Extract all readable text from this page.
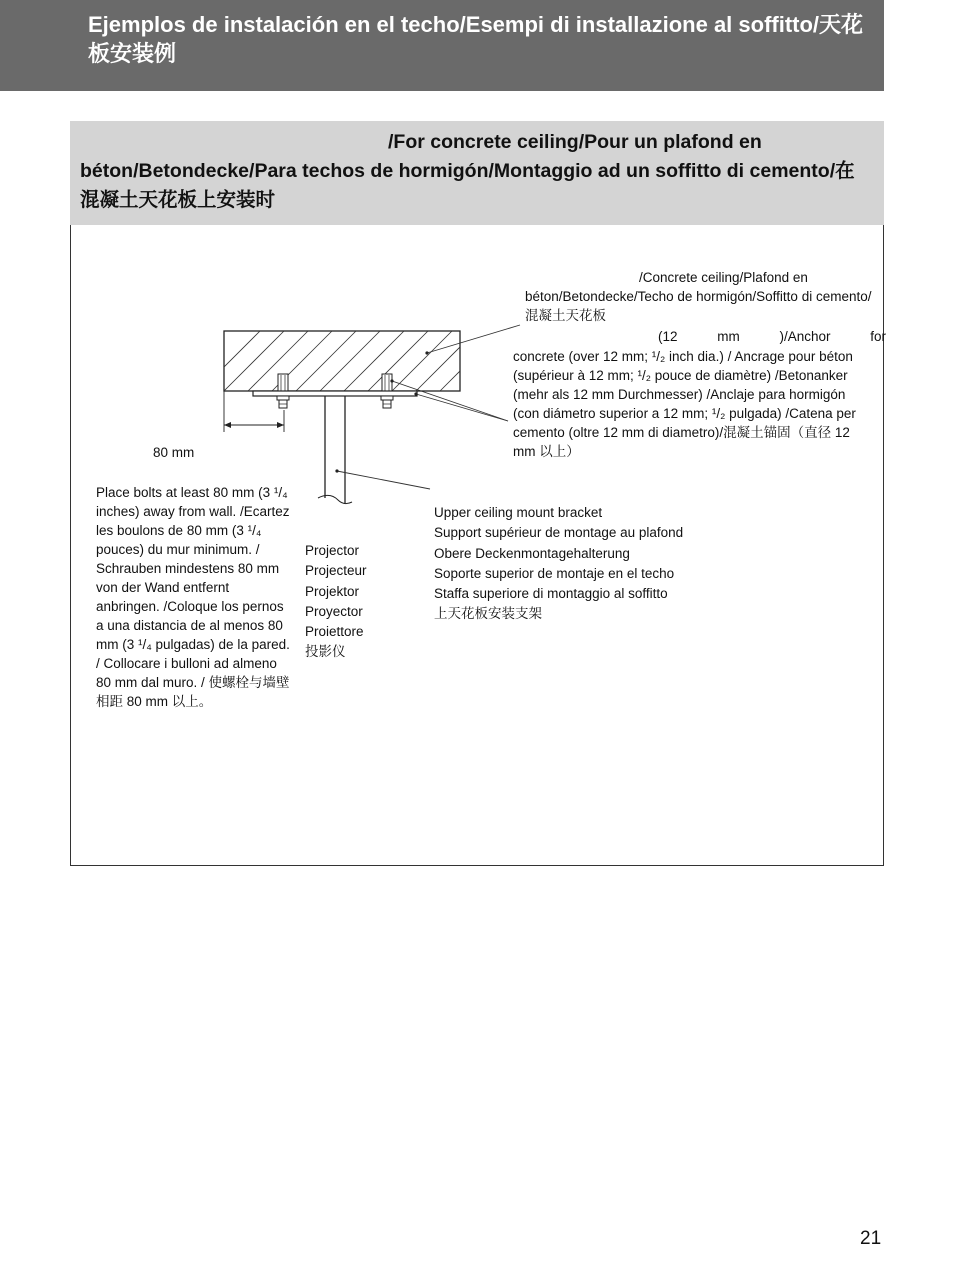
Ejemplos de instalación en el techo/Esempi di installazione al soffitto/天花板安装例
/For concrete ceiling/Pour un plafond en béton/Betondecke/Para techos de hormigón/Montaggio ad un soffitto di cemento/在混凝土天花板上安装时
/Concrete ceiling/Plafond en béton/Betondecke/Techo de hormigón/Soffitto di cemento/混凝土天花板
(12 mm )/Anchor for
concrete (over 12 mm; ¹/₂ inch dia.) / Ancrage pour béton (supérieur à 12 mm; ¹/₂ pouce de diamètre) /Betonanker (mehr als 12 mm Durchmesser) /Anclaje para hormigón (con diámetro superior a 12 mm; ¹/₂ pulgada) /Catena per cemento (oltre 12 mm di diametro)/混凝土锚固（直径 12 mm 以上）
80 mm
Place bolts at least 80 mm (3 ¹/₄ inches) away from wall. /Ecartez les boulons de 80 mm (3 ¹/₄ pouces) du mur minimum. / Schrauben mindestens 80 mm von der Wand entfernt anbringen. /Coloque los pernos a una distancia de al menos 80 mm (3 ¹/₄ pulgadas) de la pared. / Collocare i bulloni ad almeno 80 mm dal muro. / 使螺栓与墙壁相距 80 mm 以上。
Projector
Projecteur
Projektor
Proyector
Proiettore
投影仪
Upper ceiling mount bracket
Support supérieur de montage au plafond
Obere Deckenmontagehalterung
Soporte superior de montaje en el techo
Staffa superiore di montaggio al soffitto
上天花板安装支架
21
